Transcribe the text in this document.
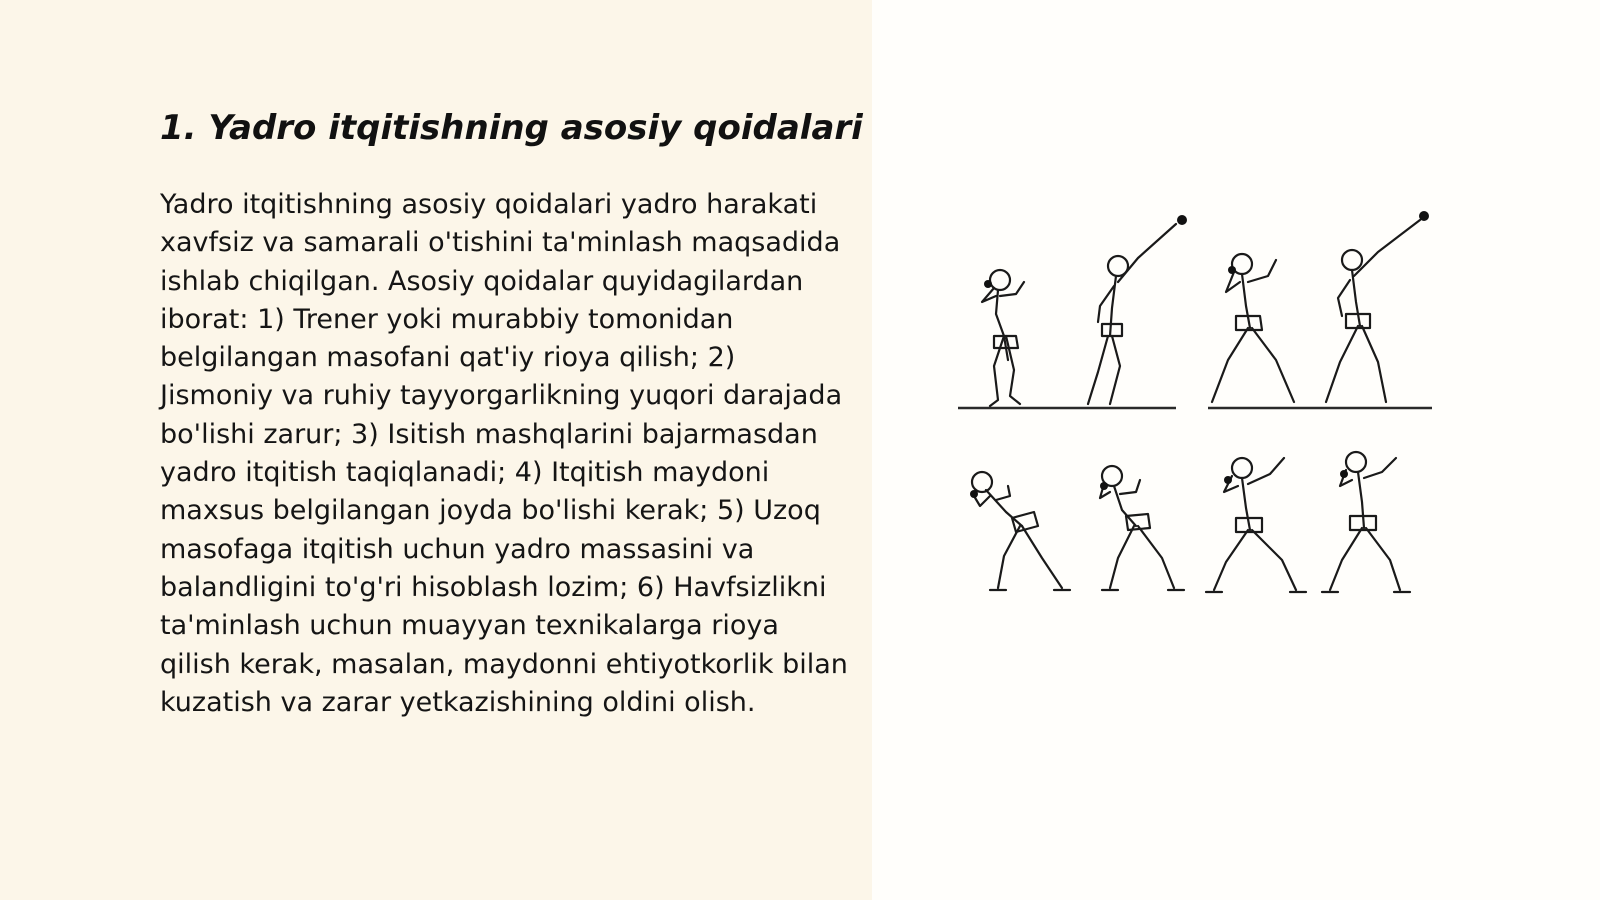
1. Yadro itqitishning asosiy qoidalari

Yadro itqitishning asosiy qoidalari yadro harakati xavfsiz va samarali o'tishini ta'minlash maqsadida ishlab chiqilgan. Asosiy qoidalar quyidagilardan iborat: 1) Trener yoki murabbiy tomonidan belgilangan masofani qat'iy rioya qilish; 2) Jismoniy va ruhiy tayyorgarlikning yuqori darajada bo'lishi zarur; 3) Isitish mashqlarini bajarmasdan yadro itqitish taqiqlanadi; 4) Itqitish maydoni maxsus belgilangan joyda bo'lishi kerak; 5) Uzoq masofaga itqitish uchun yadro massasini va balandligini to'g'ri hisoblash lozim; 6) Havfsizlikni ta'minlash uchun muayyan texnikalarga rioya qilish kerak, masalan, maydonni ehtiyotkorlik bilan kuzatish va zarar yetkazishining oldini olish.
